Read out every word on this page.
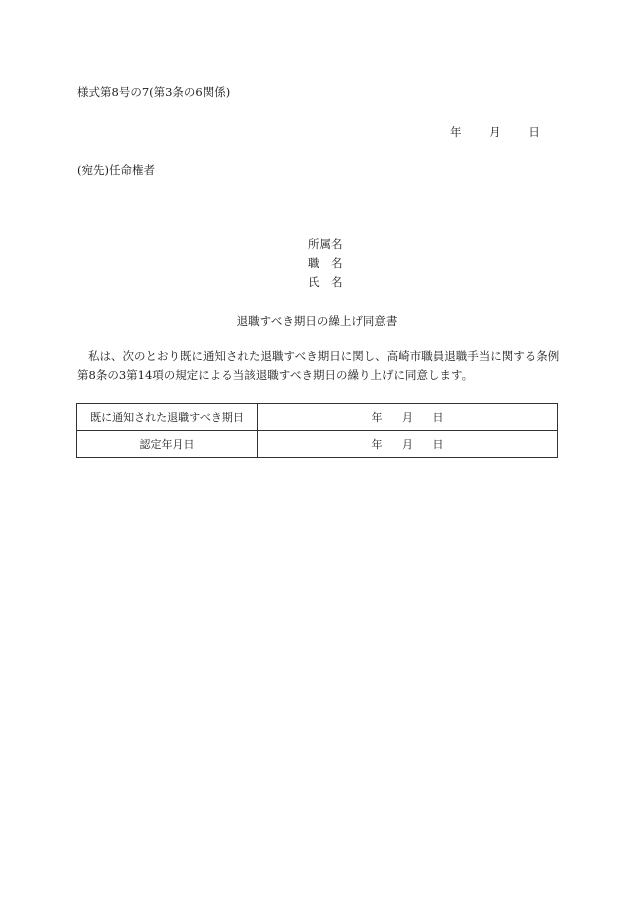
様式第8号の7(第3条の6関係)
年 月 日
(宛先)任命権者
所属名
職　名
氏　名
退職すべき期日の繰上げ同意書
私は、次のとおり既に通知された退職すべき期日に関し、高崎市職員退職手当に関する条例第8条の3第14項の規定による当該退職すべき期日の繰り上げに同意します。
既に通知された退職すべき期日	年 月 日
認定年月日	年 月 日
